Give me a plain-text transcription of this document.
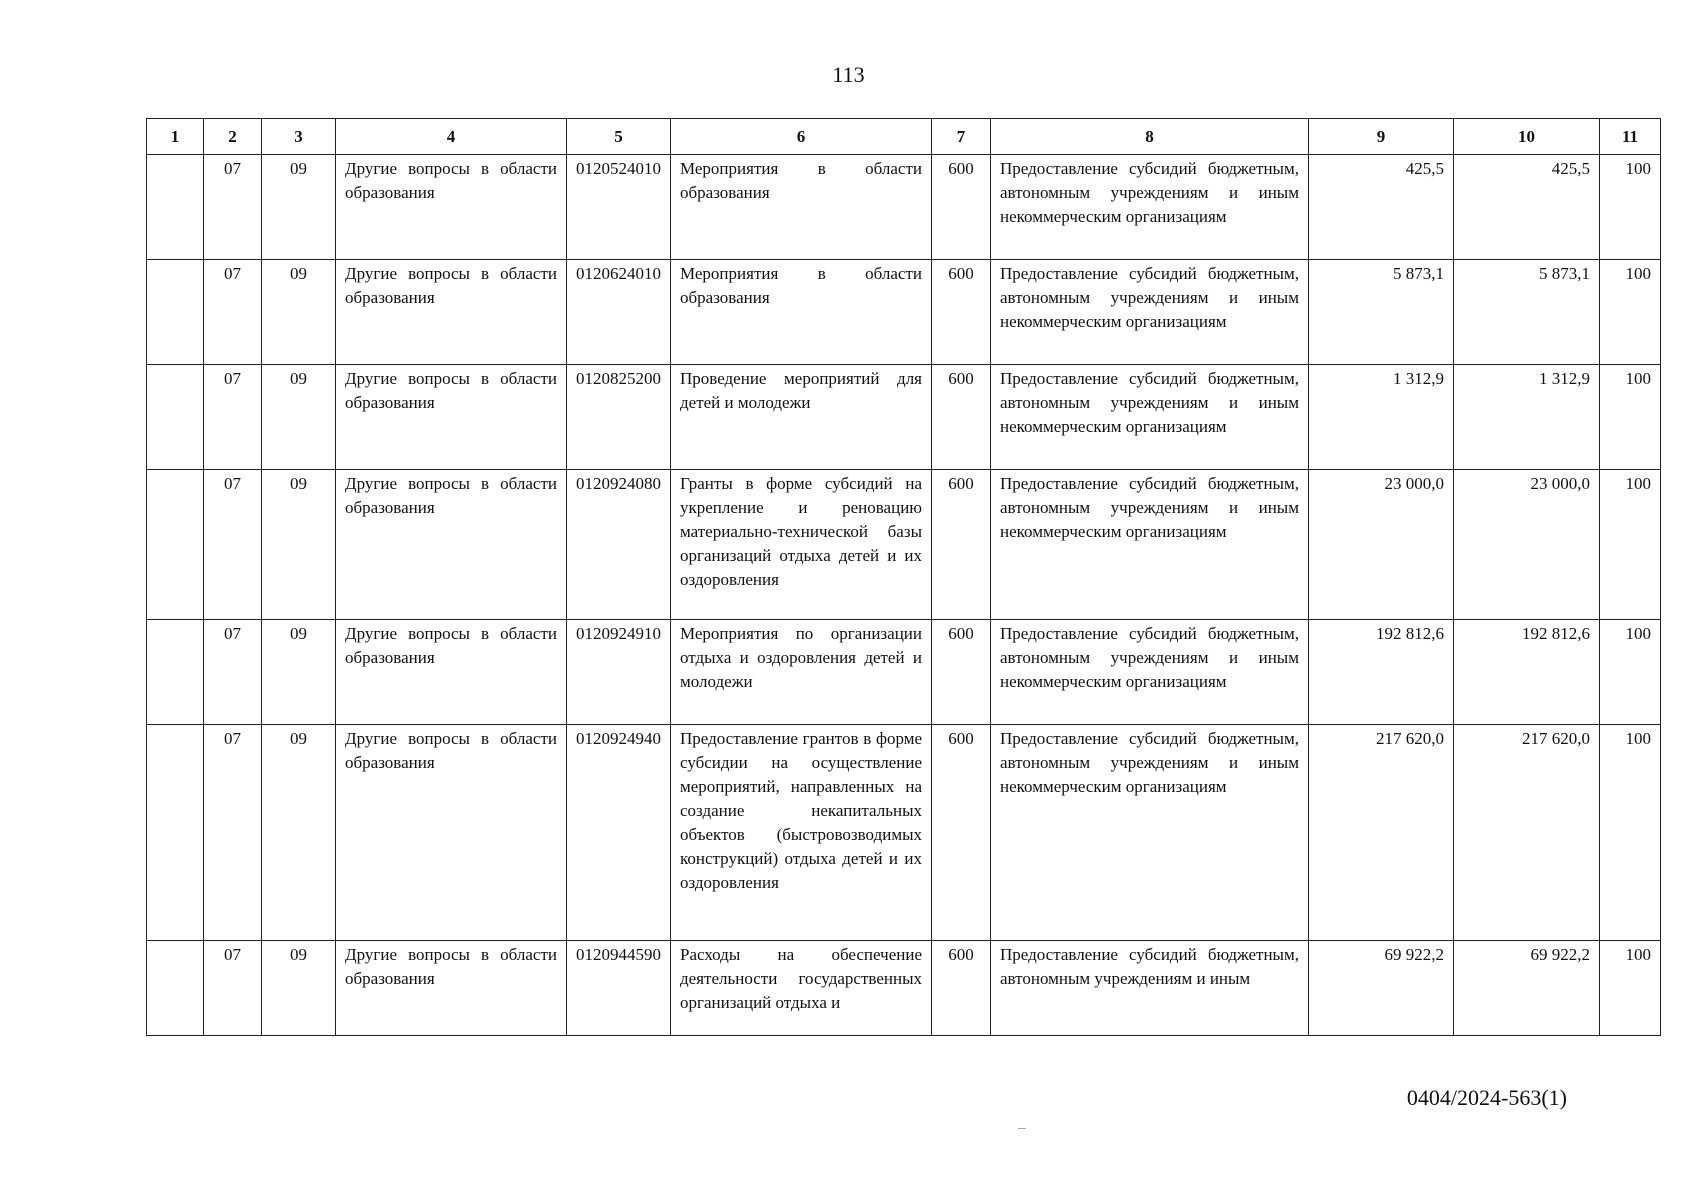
113
1	2	3	4	5	6	7	8	9	10	11
	07	09	Другие вопросы в области образования	0120524010	Мероприятия в области образования	600	Предоставление субсидий бюджетным, автономным учреждениям и иным некоммерческим организациям	425,5	425,5	100
	07	09	Другие вопросы в области образования	0120624010	Мероприятия в области образования	600	Предоставление субсидий бюджетным, автономным учреждениям и иным некоммерческим организациям	5 873,1	5 873,1	100
	07	09	Другие вопросы в области образования	0120825200	Проведение мероприятий для детей и молодежи	600	Предоставление субсидий бюджетным, автономным учреждениям и иным некоммерческим организациям	1 312,9	1 312,9	100
	07	09	Другие вопросы в области образования	0120924080	Гранты в форме субсидий на укрепление и реновацию материально-технической базы организаций отдыха детей и их оздоровления	600	Предоставление субсидий бюджетным, автономным учреждениям и иным некоммерческим организациям	23 000,0	23 000,0	100
	07	09	Другие вопросы в области образования	0120924910	Мероприятия по организации отдыха и оздоровления детей и молодежи	600	Предоставление субсидий бюджетным, автономным учреждениям и иным некоммерческим организациям	192 812,6	192 812,6	100
	07	09	Другие вопросы в области образования	0120924940	Предоставление грантов в форме субсидии на осуществление мероприятий, направленных на создание некапитальных объектов (быстровозводимых конструкций) отдыха детей и их оздоровления	600	Предоставление субсидий бюджетным, автономным учреждениям и иным некоммерческим организациям	217 620,0	217 620,0	100
	07	09	Другие вопросы в области образования	0120944590	Расходы на обеспечение деятельности государственных организаций отдыха и	600	Предоставление субсидий бюджетным, автономным учреждениям и иным	69 922,2	69 922,2	100
0404/2024-563(1)
